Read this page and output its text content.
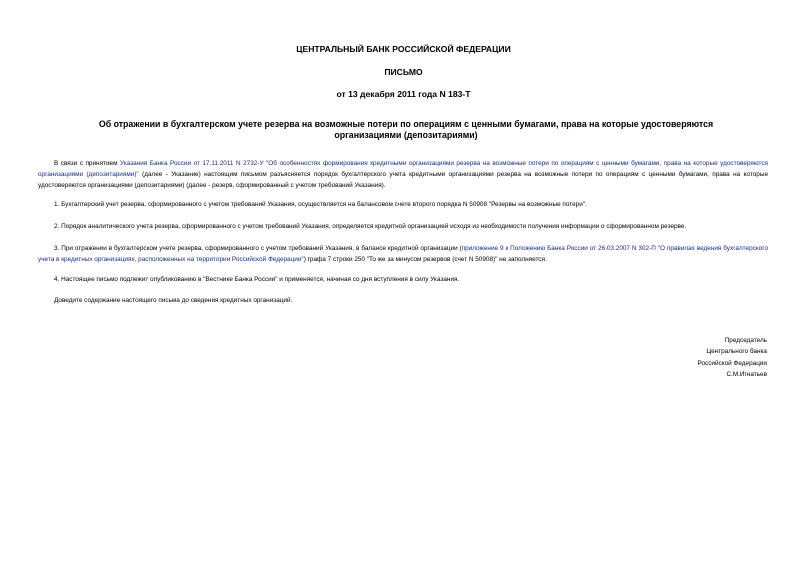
ЦЕНТРАЛЬНЫЙ БАНК РОССИЙСКОЙ ФЕДЕРАЦИИ
ПИСЬМО
от 13 декабря 2011 года N 183-Т
Об отражении в бухгалтерском учете резерва на возможные потери по операциям с ценными бумагами, права на которые удостоверяются организациями (депозитариями)

В связи с принятием Указания Банка России от 17.11.2011 N 2732-У "Об особенностях формирования кредитными организациями резерва на возможные потери по операциям с ценными бумагами, права на которые удостоверяются организациями (депозитариями)" (далее - Указание) настоящим письмом разъясняется порядок бухгалтерского учета кредитными организациями резерва на возможные потери по операциям с ценными бумагами, права на которые удостоверяются организациями (депозитариями) (далее - резерв, сформированный с учетом требований Указания).

1. Бухгалтерский учет резерва, сформированного с учетом требований Указания, осуществляется на балансовом счете второго порядка N 50908 "Резервы на возможные потери".

2. Порядок аналитического учета резерва, сформированного с учетом требований Указания, определяется кредитной организацией исходя из необходимости получения информации о сформированном резерве.

3. При отражении в бухгалтерском учете резерва, сформированного с учетом требований Указания, в балансе кредитной организации (приложение 9 к Положению Банка России от 26.03.2007 N 302-П "О правилах ведения бухгалтерского учета в кредитных организациях, расположенных на территории Российской Федерации") графа 7 строки 250 "То же за минусом резервов (счет N 50908)" не заполняется.

4. Настоящее письмо подлежит опубликованию в "Вестнике Банка России" и применяется, начиная со дня вступления в силу Указания.

Доведите содержание настоящего письма до сведения кредитных организаций.

Председатель
Центрального банка
Российской Федерации
С.М.Игнатьев
